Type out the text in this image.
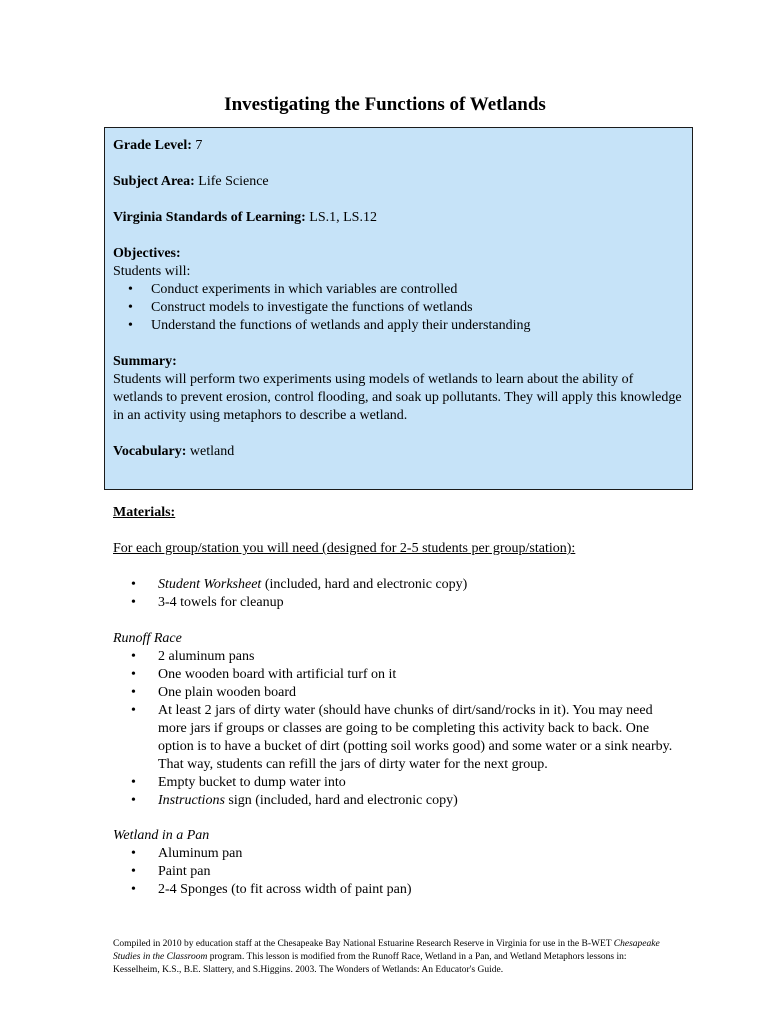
Investigating the Functions of Wetlands

Grade Level: 7

Subject Area: Life Science

Virginia Standards of Learning: LS.1, LS.12

Objectives:

Students will:

• Conduct experiments in which variables are controlled
• Construct models to investigate the functions of wetlands
• Understand the functions of wetlands and apply their understanding

Summary:

Students will perform two experiments using models of wetlands to learn about the ability of wetlands to prevent erosion, control flooding, and soak up pollutants. They will apply this knowledge in an activity using metaphors to describe a wetland.

Vocabulary: wetland

Materials:

For each group/station you will need (designed for 2-5 students per group/station):

• Student Worksheet (included, hard and electronic copy)
• 3-4 towels for cleanup

Runoff Race

• 2 aluminum pans
• One wooden board with artificial turf on it
• One plain wooden board
• At least 2 jars of dirty water (should have chunks of dirt/sand/rocks in it). You may need more jars if groups or classes are going to be completing this activity back to back. One option is to have a bucket of dirt (potting soil works good) and some water or a sink nearby. That way, students can refill the jars of dirty water for the next group.
• Empty bucket to dump water into
• Instructions sign (included, hard and electronic copy)

Wetland in a Pan

• Aluminum pan
• Paint pan
• 2-4 Sponges (to fit across width of paint pan)

Compiled in 2010 by education staff at the Chesapeake Bay National Estuarine Research Reserve in Virginia for use in the B-WET Chesapeake Studies in the Classroom program. This lesson is modified from the Runoff Race, Wetland in a Pan, and Wetland Metaphors lessons in: Kesselheim, K.S., B.E. Slattery, and S.Higgins. 2003. The Wonders of Wetlands: An Educator's Guide.
